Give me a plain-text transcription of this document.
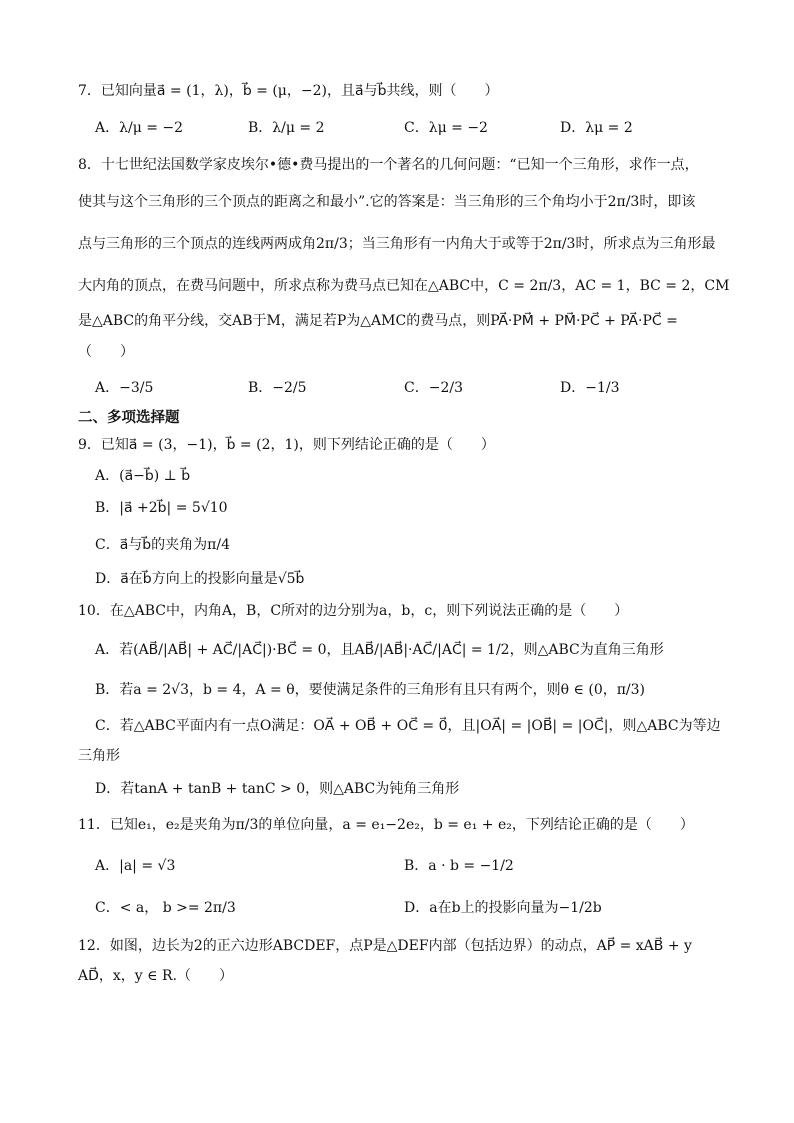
7．已知向量a⃗ = (1，λ)，b⃗ = (μ，−2)，且a⃗与b⃗共线，则（　　）
A．λ/μ = −2	B．λ/μ = 2	C．λμ = −2	D．λμ = 2
8．十七世纪法国数学家皮埃尔•德•费马提出的一个著名的几何问题：“已知一个三角形，求作一点，
使其与这个三角形的三个顶点的距离之和最小”.它的答案是：当三角形的三个角均小于2π/3时，即该
点与三角形的三个顶点的连线两两成角2π/3；当三角形有一内角大于或等于2π/3时，所求点为三角形最
大内角的顶点，在费马问题中，所求点称为费马点已知在△ABC中，C = 2π/3，AC = 1，BC = 2，CM
是△ABC的角平分线，交AB于M，满足若P为△AMC的费马点，则PA⃗·PM⃗ + PM⃗·PC⃗ + PA⃗·PC⃗ =
（　　）
A．−3/5	B．−2/5	C．−2/3	D．−1/3
二、多项选择题
9．已知a⃗ = (3，−1)，b⃗ = (2，1)，则下列结论正确的是（　　）
A．(a⃗−b⃗) ⊥ b⃗
B．|a⃗ +2b⃗| = 5√10
C．a⃗与b⃗的夹角为π/4
D．a⃗在b⃗方向上的投影向量是√5b⃗
10．在△ABC中，内角A，B，C所对的边分别为a，b，c，则下列说法正确的是（　　）
A．若(AB⃗/|AB⃗| + AC⃗/|AC⃗|)·BC⃗ = 0，且AB⃗/|AB⃗|·AC⃗/|AC⃗| = 1/2，则△ABC为直角三角形
B．若a = 2√3，b = 4，A = θ，要使满足条件的三角形有且只有两个，则θ ∈ (0，π/3)
C．若△ABC平面内有一点O满足：OA⃗ + OB⃗ + OC⃗ = 0⃗，且|OA⃗| = |OB⃗| = |OC⃗|，则△ABC为等边
三角形
D．若tanA + tanB + tanC > 0，则△ABC为钝角三角形
11．已知e₁，e₂是夹角为π/3的单位向量，a = e₁−2e₂，b = e₁ + e₂，下列结论正确的是（　　）
A．|a| = √3	B．a · b = −1/2
C．< a， b >= 2π/3	D．a在b上的投影向量为−1/2b
12．如图，边长为2的正六边形ABCDEF，点P是△DEF内部（包括边界）的动点，AP⃗ = xAB⃗ + y
AD⃗，x，y ∈ R.（　　）
